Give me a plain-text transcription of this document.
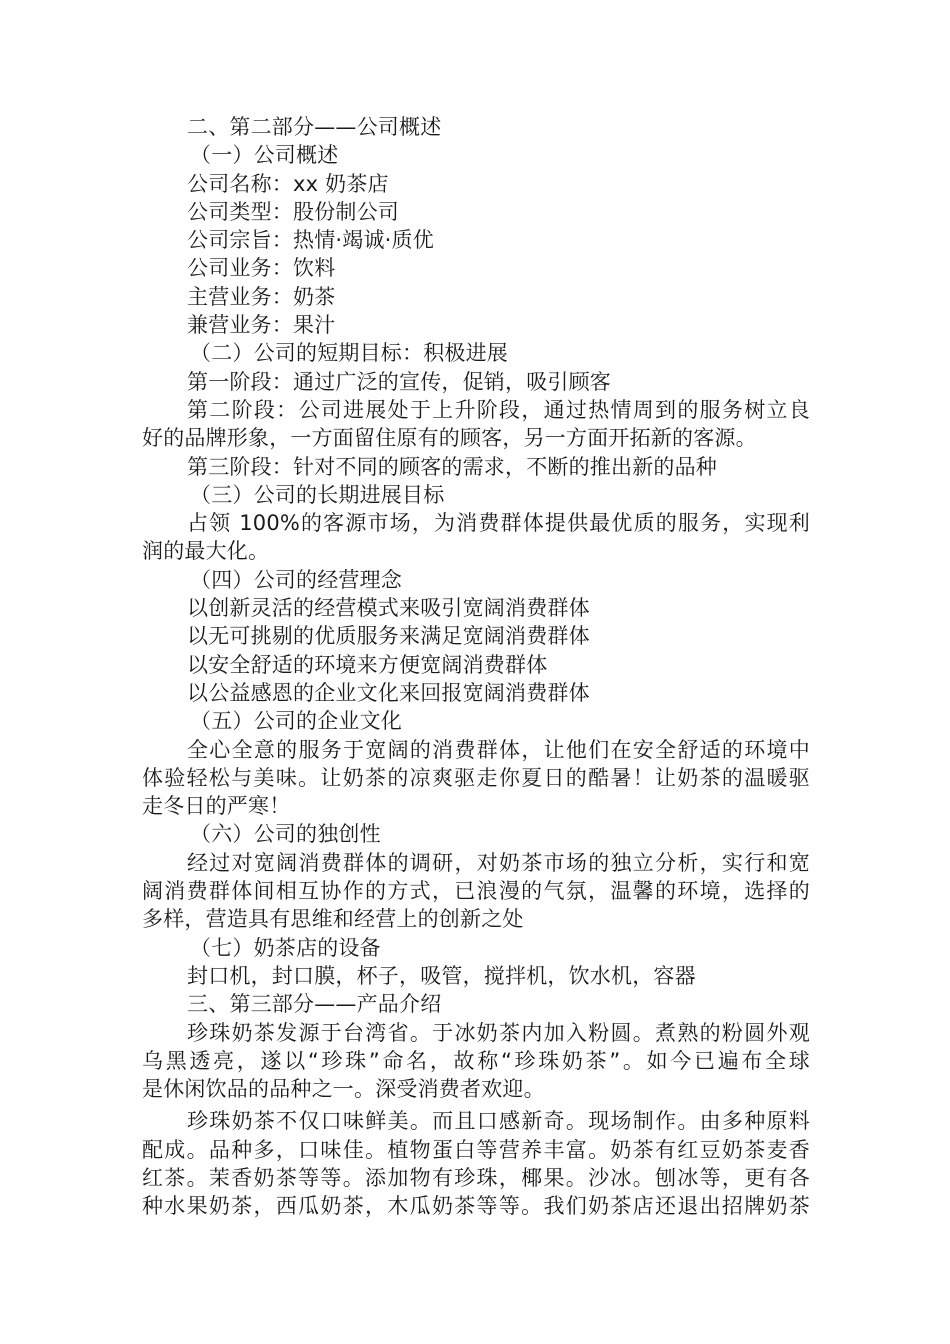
二、第二部分——公司概述
（一）公司概述
公司名称：xx 奶茶店
公司类型：股份制公司
公司宗旨：热情·竭诚·质优
公司业务：饮料
主营业务：奶茶
兼营业务：果汁
（二）公司的短期目标：积极进展
第一阶段：通过广泛的宣传，促销，吸引顾客
第二阶段：公司进展处于上升阶段，通过热情周到的服务树立良
好的品牌形象，一方面留住原有的顾客，另一方面开拓新的客源。
第三阶段：针对不同的顾客的需求，不断的推出新的品种
（三）公司的长期进展目标
占领 100%的客源市场，为消费群体提供最优质的服务，实现利
润的最大化。
（四）公司的经营理念
以创新灵活的经营模式来吸引宽阔消费群体
以无可挑剔的优质服务来满足宽阔消费群体
以安全舒适的环境来方便宽阔消费群体
以公益感恩的企业文化来回报宽阔消费群体
（五）公司的企业文化
全心全意的服务于宽阔的消费群体，让他们在安全舒适的环境中
体验轻松与美味。让奶茶的凉爽驱走你夏日的酷暑！让奶茶的温暖驱
走冬日的严寒！
（六）公司的独创性
经过对宽阔消费群体的调研，对奶茶市场的独立分析，实行和宽
阔消费群体间相互协作的方式，已浪漫的气氛，温馨的环境，选择的
多样，营造具有思维和经营上的创新之处
（七）奶茶店的设备
封口机，封口膜，杯子，吸管，搅拌机，饮水机，容器
三、第三部分——产品介绍
珍珠奶茶发源于台湾省。于冰奶茶内加入粉圆。煮熟的粉圆外观
乌黑透亮，遂以“珍珠”命名，故称“珍珠奶茶”。如今已遍布全球
是休闲饮品的品种之一。深受消费者欢迎。
珍珠奶茶不仅口味鲜美。而且口感新奇。现场制作。由多种原料
配成。品种多，口味佳。植物蛋白等营养丰富。奶茶有红豆奶茶麦香
红茶。茉香奶茶等等。添加物有珍珠，椰果。沙冰。刨冰等，更有各
种水果奶茶，西瓜奶茶，木瓜奶茶等等。我们奶茶店还退出招牌奶茶
